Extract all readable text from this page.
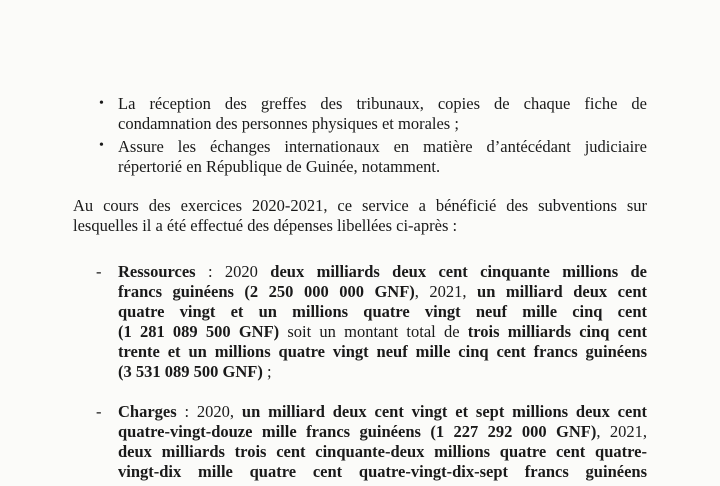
• La réception des greffes des tribunaux, copies de chaque fiche de
condamnation des personnes physiques et morales ;
• Assure les échanges internationaux en matière d’antécédant judiciaire
répertorié en République de Guinée, notamment.
Au cours des exercices 2020-2021, ce service a bénéficié des subventions sur
lesquelles il a été effectué des dépenses libellées ci-après :
- Ressources : 2020 deux milliards deux cent cinquante millions de
francs guinéens (2 250 000 000 GNF), 2021, un milliard deux cent
quatre vingt et un millions quatre vingt neuf mille cinq cent
(1 281 089 500 GNF) soit un montant total de trois milliards cinq cent
trente et un millions quatre vingt neuf mille cinq cent francs guinéens
(3 531 089 500 GNF) ;
- Charges : 2020, un milliard deux cent vingt et sept millions deux cent
quatre-vingt-douze mille francs guinéens (1 227 292 000 GNF), 2021,
deux milliards trois cent cinquante-deux millions quatre cent quatre-
vingt-dix mille quatre cent quatre-vingt-dix-sept francs guinéens
